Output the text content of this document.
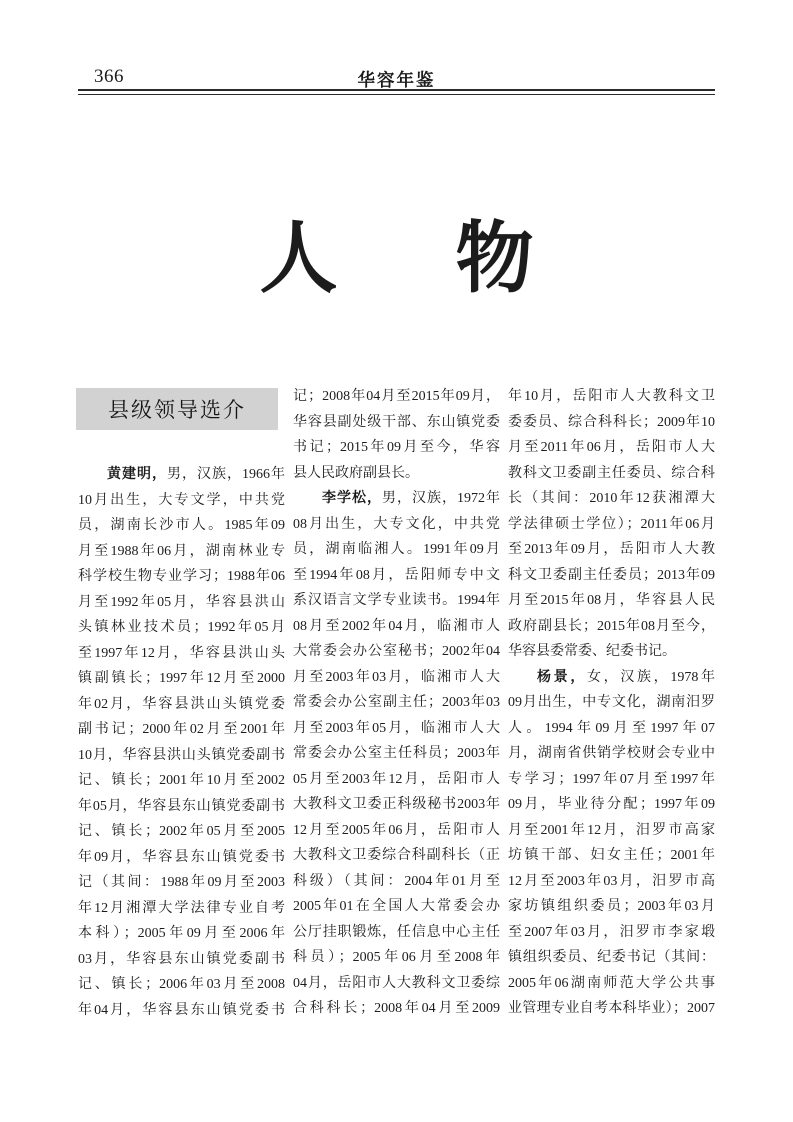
366	华容年鉴
人物
县级领导选介
黄建明，男，汉族，1966年
10月出生，大专文学，中共党
员，湖南长沙市人。1985年09
月至1988年06月，湖南林业专
科学校生物专业学习；1988年06
月至1992年05月，华容县洪山
头镇林业技术员；1992年05月
至1997年12月，华容县洪山头
镇副镇长；1997年12月至2000
年02月，华容县洪山头镇党委
副书记；2000年02月至2001年
10月，华容县洪山头镇党委副书
记、镇长；2001年10月至2002
年05月，华容县东山镇党委副书
记、镇长；2002年05月至2005
年09月，华容县东山镇党委书
记（其间：1988年09月至2003
年12月湘潭大学法律专业自考
本科）；2005年09月至2006年
03月，华容县东山镇党委副书
记、镇长；2006年03月至2008
年04月，华容县东山镇党委书
记；2008年04月至2015年09月，
华容县副处级干部、东山镇党委
书记；2015年09月至今，华容
县人民政府副县长。
李学松，男，汉族，1972年
08月出生，大专文化，中共党
员，湖南临湘人。1991年09月
至1994年08月，岳阳师专中文
系汉语言文学专业读书。1994年
08月至2002年04月，临湘市人
大常委会办公室秘书；2002年04
月至2003年03月，临湘市人大
常委会办公室副主任；2003年03
月至2003年05月，临湘市人大
常委会办公室主任科员；2003年
05月至2003年12月，岳阳市人
大教科文卫委正科级秘书2003年
12月至2005年06月，岳阳市人
大教科文卫委综合科副科长（正
科级）（其间：2004年01月至
2005年01在全国人大常委会办
公厅挂职锻炼，任信息中心主任
科员）；2005年06月至2008年
04月，岳阳市人大教科文卫委综
合科科长；2008年04月至2009
年10月，岳阳市人大教科文卫
委委员、综合科科长；2009年10
月至2011年06月，岳阳市人大
教科文卫委副主任委员、综合科
长（其间：2010年12获湘潭大
学法律硕士学位）；2011年06月
至2013年09月，岳阳市人大教
科文卫委副主任委员；2013年09
月至2015年08月，华容县人民
政府副县长；2015年08月至今，
华容县委常委、纪委书记。
杨景，女，汉族，1978年
09月出生，中专文化，湖南汨罗
人。1994年09月至1997年07
月，湖南省供销学校财会专业中
专学习；1997年07月至1997年
09月，毕业待分配；1997年09
月至2001年12月，汨罗市高家
坊镇干部、妇女主任；2001年
12月至2003年03月，汨罗市高
家坊镇组织委员；2003年03月
至2007年03月，汨罗市李家塅
镇组织委员、纪委书记（其间：
2005年06湖南师范大学公共事
业管理专业自考本科毕业）；2007
